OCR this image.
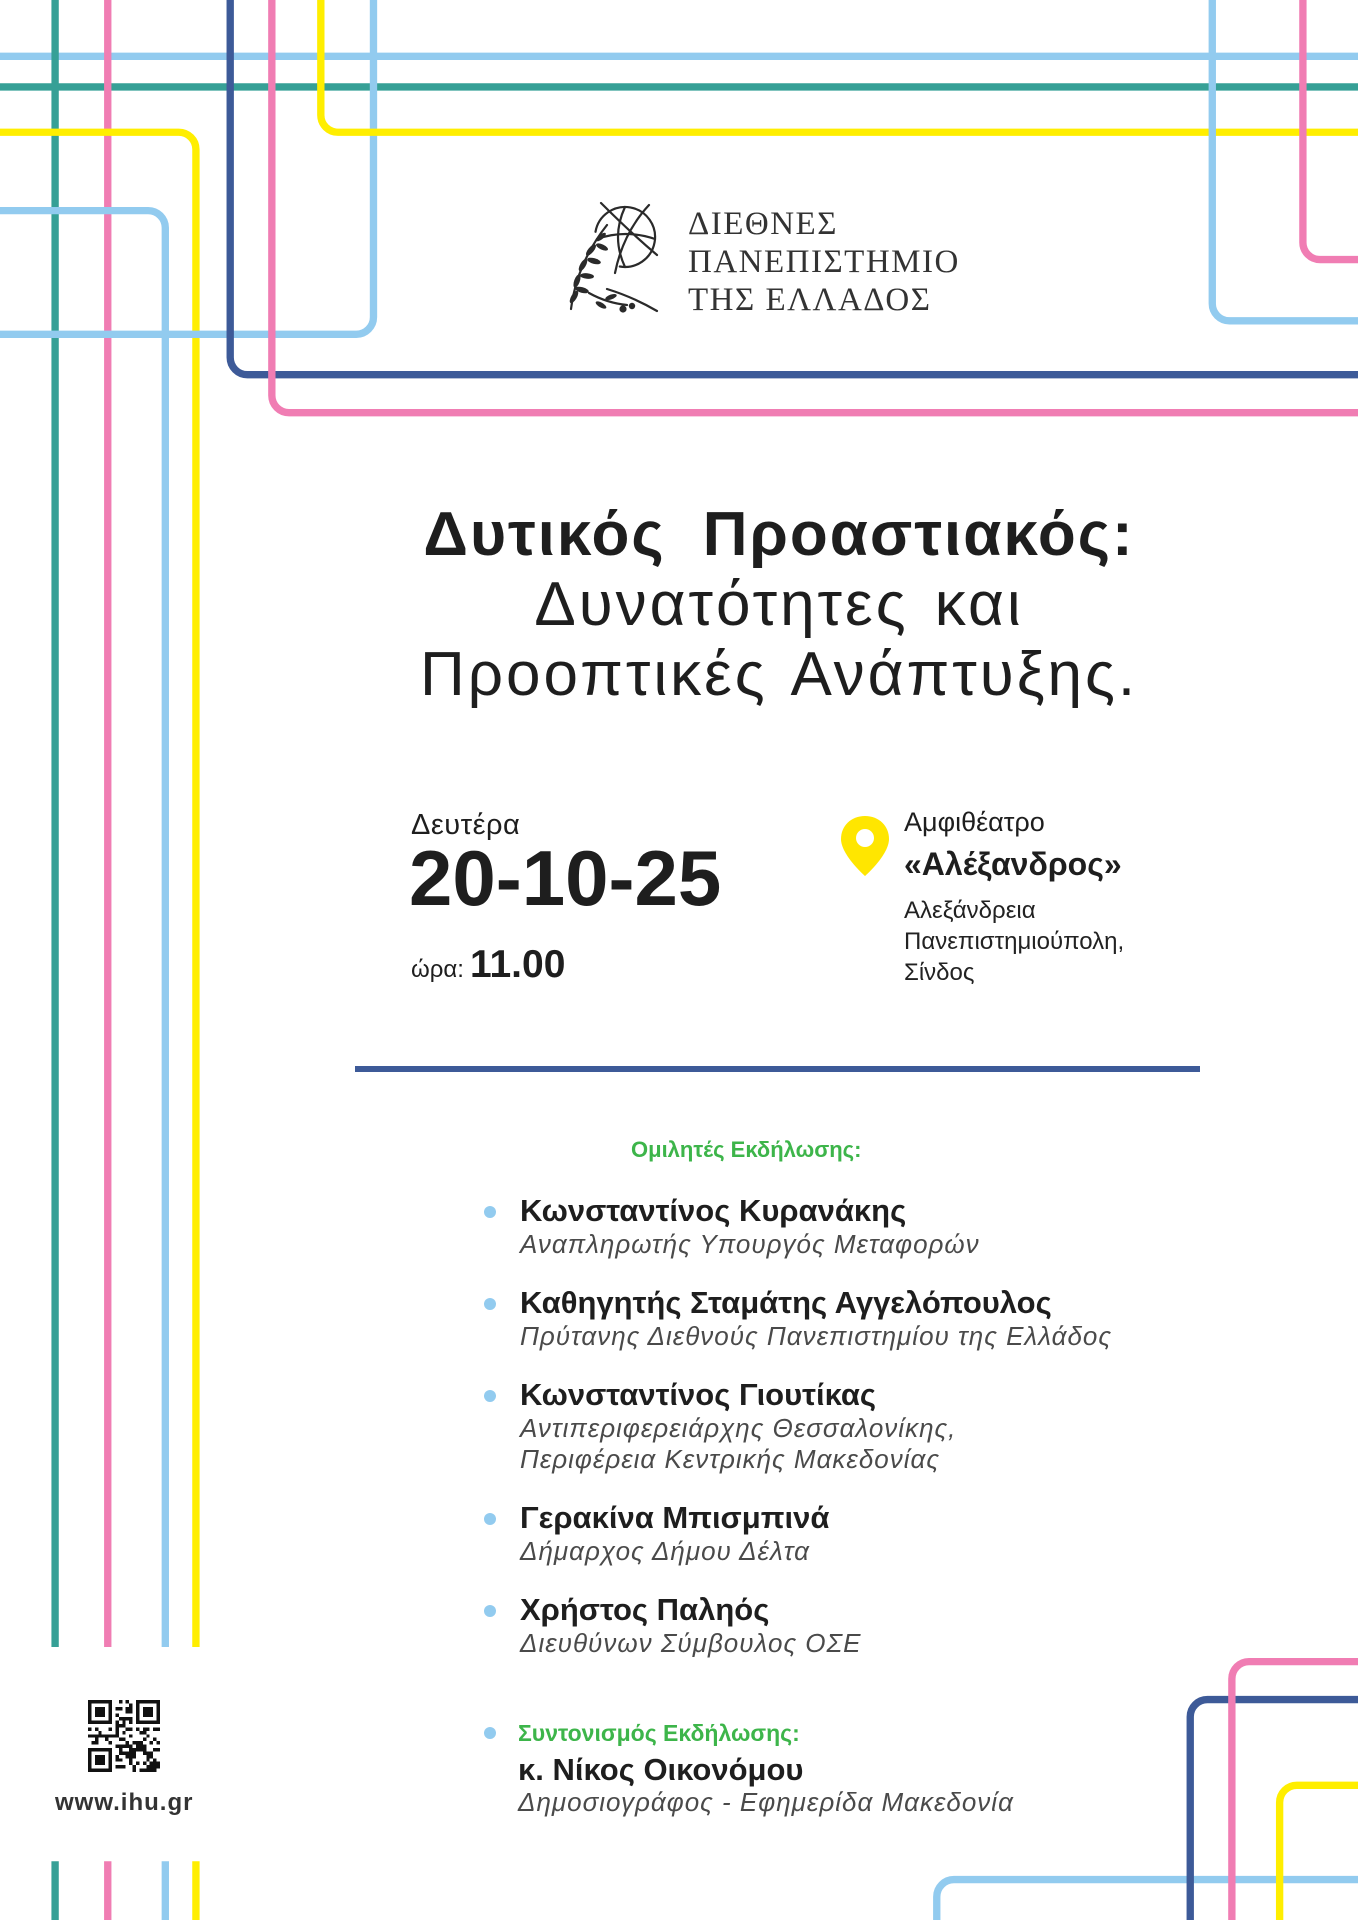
ΔΙΕΘΝΕΣ
ΠΑΝΕΠΙΣΤΗΜΙΟ
ΤΗΣ ΕΛΛΑΔΟΣ
Δυτικός Προαστιακός:
Δυνατότητες και
Προοπτικές Ανάπτυξης.
Δευτέρα
20-10-25
ώρα: 11.00
Αμφιθέατρο
«Αλέξανδρος»
Αλεξάνδρεια
Πανεπιστημιούπολη,
Σίνδος
Ομιλητές Εκδήλωσης:
Κωνσταντίνος Κυρανάκης
Αναπληρωτής Υπουργός Μεταφορών
Καθηγητής Σταμάτης Αγγελόπουλος
Πρύτανης Διεθνούς Πανεπιστημίου της Ελλάδος
Κωνσταντίνος Γιουτίκας
Αντιπεριφερειάρχης Θεσσαλονίκης,
Περιφέρεια Κεντρικής Μακεδονίας
Γερακίνα Μπισμπινά
Δήμαρχος Δήμου Δέλτα
Χρήστος Παληός
Διευθύνων Σύμβουλος ΟΣΕ
Συντονισμός Εκδήλωσης:
κ. Νίκος Οικονόμου
Δημοσιογράφος - Εφημερίδα Μακεδονία
www.ihu.gr
